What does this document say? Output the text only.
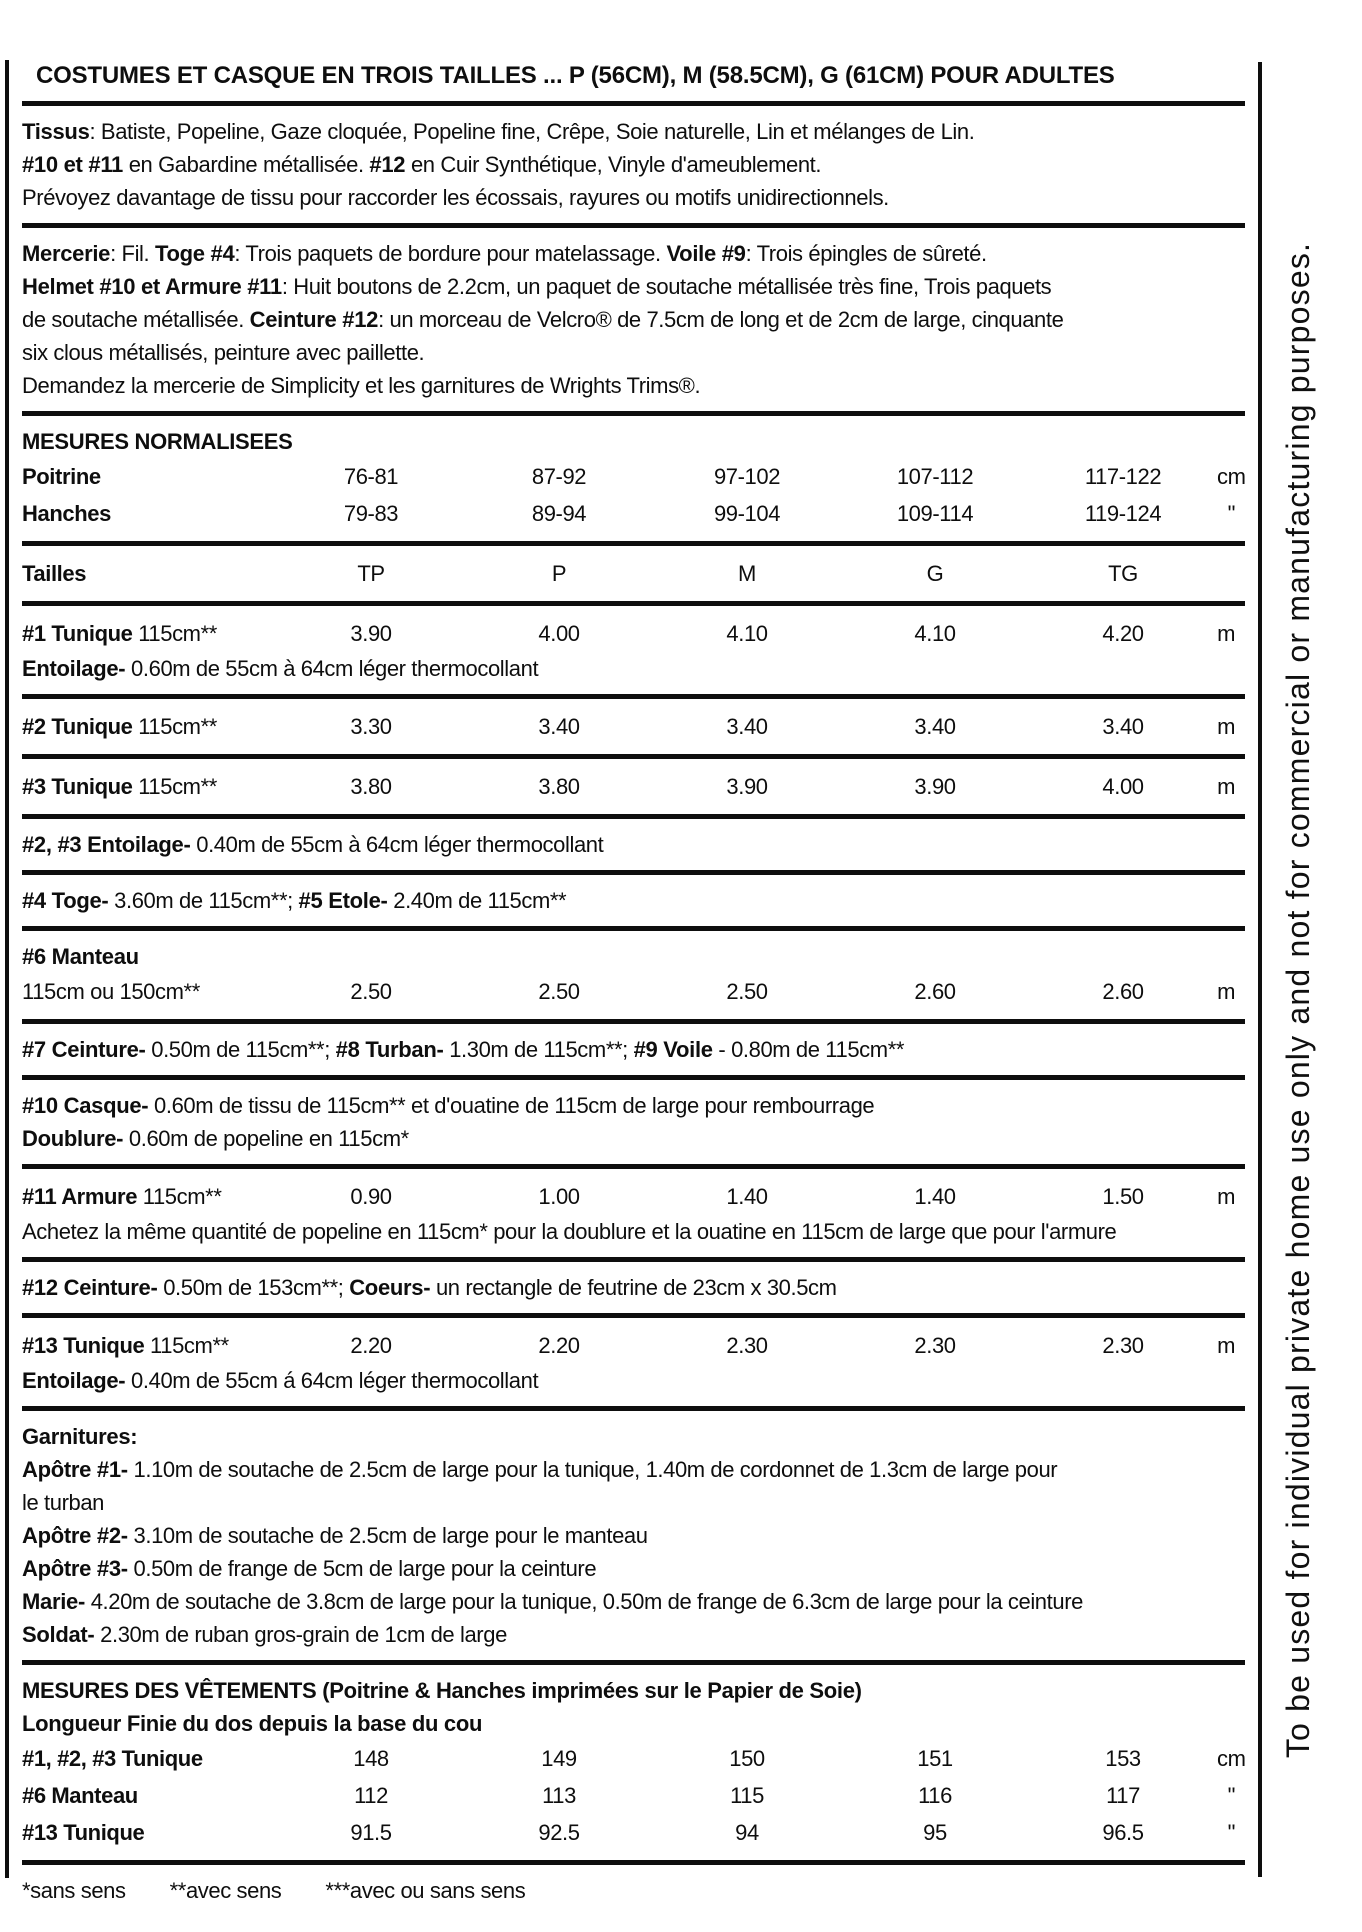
To be used for individual private home use only and not for commercial or manufacturing purposes.
COSTUMES ET CASQUE EN TROIS TAILLES ... P (56CM), M (58.5CM), G (61CM) POUR ADULTES
Tissus: Batiste, Popeline, Gaze cloquée, Popeline fine, Crêpe, Soie naturelle, Lin et mélanges de Lin.
#10 et #11 en Gabardine métallisée. #12 en Cuir Synthétique, Vinyle d'ameublement.
Prévoyez davantage de tissu pour raccorder les écossais, rayures ou motifs unidirectionnels.
Mercerie: Fil. Toge #4: Trois paquets de bordure pour matelassage. Voile #9: Trois épingles de sûreté.
Helmet #10 et Armure #11: Huit boutons de 2.2cm, un paquet de soutache métallisée très fine, Trois paquets
de soutache métallisée. Ceinture #12: un morceau de Velcro® de 7.5cm de long et de 2cm de large, cinquante
six clous métallisés, peinture avec paillette.
Demandez la mercerie de Simplicity et les garnitures de Wrights Trims®.
MESURES NORMALISEES
Poitrine	76-81	87-92	97-102	107-112	117-122	cm
Hanches	79-83	89-94	99-104	109-114	119-124	"
Tailles	TP	P	M	G	TG
#1 Tunique 115cm**	3.90	4.00	4.10	4.10	4.20	m
Entoilage- 0.60m de 55cm à 64cm léger thermocollant
#2 Tunique 115cm**	3.30	3.40	3.40	3.40	3.40	m
#3 Tunique 115cm**	3.80	3.80	3.90	3.90	4.00	m
#2, #3 Entoilage- 0.40m de 55cm à 64cm léger thermocollant
#4 Toge- 3.60m de 115cm**; #5 Etole- 2.40m de 115cm**
#6 Manteau
115cm ou 150cm**	2.50	2.50	2.50	2.60	2.60	m
#7 Ceinture- 0.50m de 115cm**; #8 Turban- 1.30m de 115cm**; #9 Voile - 0.80m de 115cm**
#10 Casque- 0.60m de tissu de 115cm** et d'ouatine de 115cm de large pour rembourrage
Doublure- 0.60m de popeline en 115cm*
#11 Armure 115cm**	0.90	1.00	1.40	1.40	1.50	m
Achetez la même quantité de popeline en 115cm* pour la doublure et la ouatine en 115cm de large que pour l'armure
#12 Ceinture- 0.50m de 153cm**; Coeurs- un rectangle de feutrine de 23cm x 30.5cm
#13 Tunique 115cm**	2.20	2.20	2.30	2.30	2.30	m
Entoilage- 0.40m de 55cm á 64cm léger thermocollant
Garnitures:
Apôtre #1- 1.10m de soutache de 2.5cm de large pour la tunique, 1.40m de cordonnet de 1.3cm de large pour
le turban
Apôtre #2- 3.10m de soutache de 2.5cm de large pour le manteau
Apôtre #3- 0.50m de frange de 5cm de large pour la ceinture
Marie- 4.20m de soutache de 3.8cm de large pour la tunique, 0.50m de frange de 6.3cm de large pour la ceinture
Soldat- 2.30m de ruban gros-grain de 1cm de large
MESURES DES VÊTEMENTS (Poitrine & Hanches imprimées sur le Papier de Soie)
Longueur Finie du dos depuis la base du cou
#1, #2, #3 Tunique	148	149	150	151	153	cm
#6 Manteau	112	113	115	116	117	"
#13 Tunique	91.5	92.5	94	95	96.5	"
*sans sens **avec sens ***avec ou sans sens
